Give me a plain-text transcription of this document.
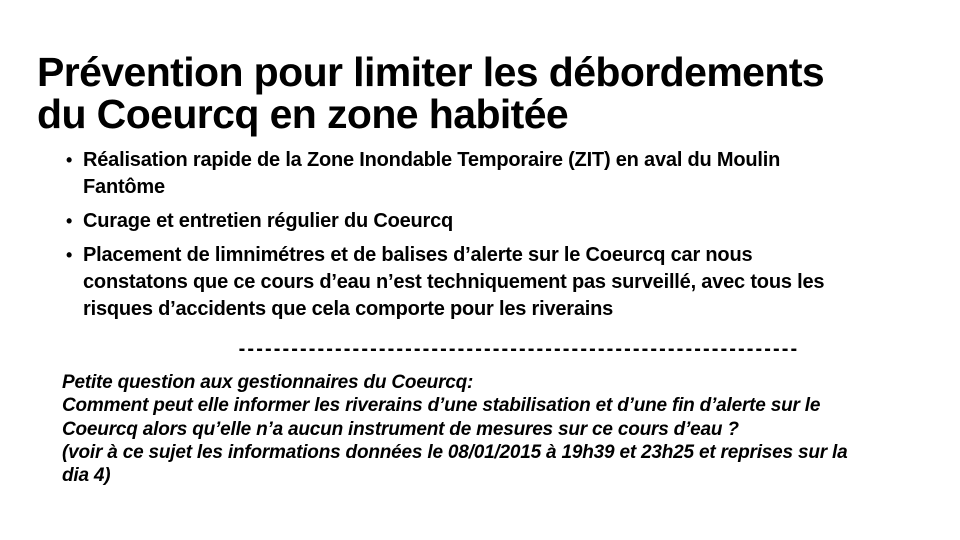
Prévention pour limiter les débordements
du Coeurcq en zone habitée
• Réalisation rapide de la Zone Inondable Temporaire (ZIT) en aval du Moulin
Fantôme
• Curage et entretien régulier du Coeurcq
• Placement de limnimétres et de balises d’alerte sur le Coeurcq car nous
constatons que ce cours d’eau n’est techniquement pas surveillé, avec tous les
risques d’accidents que cela comporte pour les riverains
----------------------------------------------------------------
Petite question aux gestionnaires du Coeurcq:
Comment peut elle informer les riverains d’une stabilisation et d’une fin d’alerte sur le
Coeurcq alors qu’elle n’a aucun instrument de mesures sur ce cours d’eau ?
(voir à ce sujet les informations données le 08/01/2015 à 19h39 et 23h25 et reprises sur la
dia 4)
